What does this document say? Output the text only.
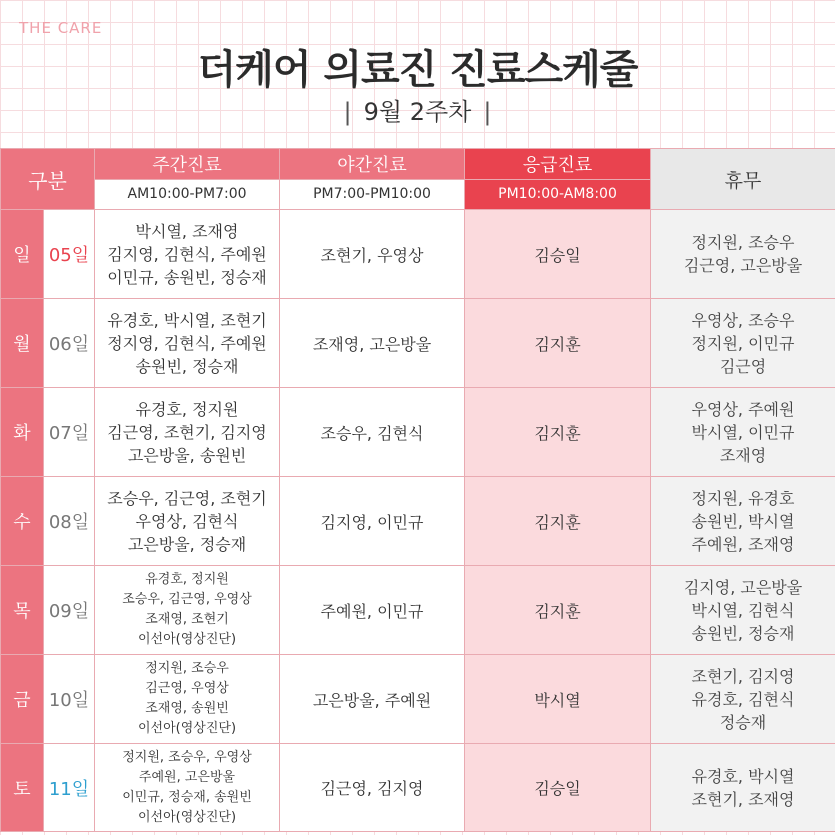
THE CARE
더케어 의료진 진료스케줄
| 9월 2주차 |
구분		주간진료	야간진료	응급진료	휴무
		AM10:00-PM7:00	PM7:00-PM10:00	PM10:00-AM8:00	
일	05일	박시열, 조재영
김지영, 김현식, 주예원
이민규, 송원빈, 정승재	조현기, 우영상	김승일	정지원, 조승우
김근영, 고은방울

월	06일	유경호, 박시열, 조현기
정지영, 김현식, 주예원
송원빈, 정승재	조재영, 고은방울	김지훈	우영상, 조승우
정지원, 이민규
김근영

화	07일	유경호, 정지원
김근영, 조현기, 김지영
고은방울, 송원빈	조승우, 김현식	김지훈	우영상, 주예원
박시열, 이민규
조재영

수	08일	조승우, 김근영, 조현기
우영상, 김현식
고은방울, 정승재	김지영, 이민규	김지훈	정지원, 유경호
송원빈, 박시열
주예원, 조재영

목	09일	유경호, 정지원
조승우, 김근영, 우영상
조재영, 조현기
이선아(영상진단)	주예원, 이민규	김지훈	김지영, 고은방울
박시열, 김현식
송원빈, 정승재

금	10일	정지원, 조승우
김근영, 우영상
조재영, 송원빈
이선아(영상진단)	고은방울, 주예원	박시열	조현기, 김지영
유경호, 김현식
정승재

토	11일	정지원, 조승우, 우영상
주예원, 고은방울
이민규, 정승재, 송원빈
이선아(영상진단)	김근영, 김지영	김승일	유경호, 박시열
조현기, 조재영
